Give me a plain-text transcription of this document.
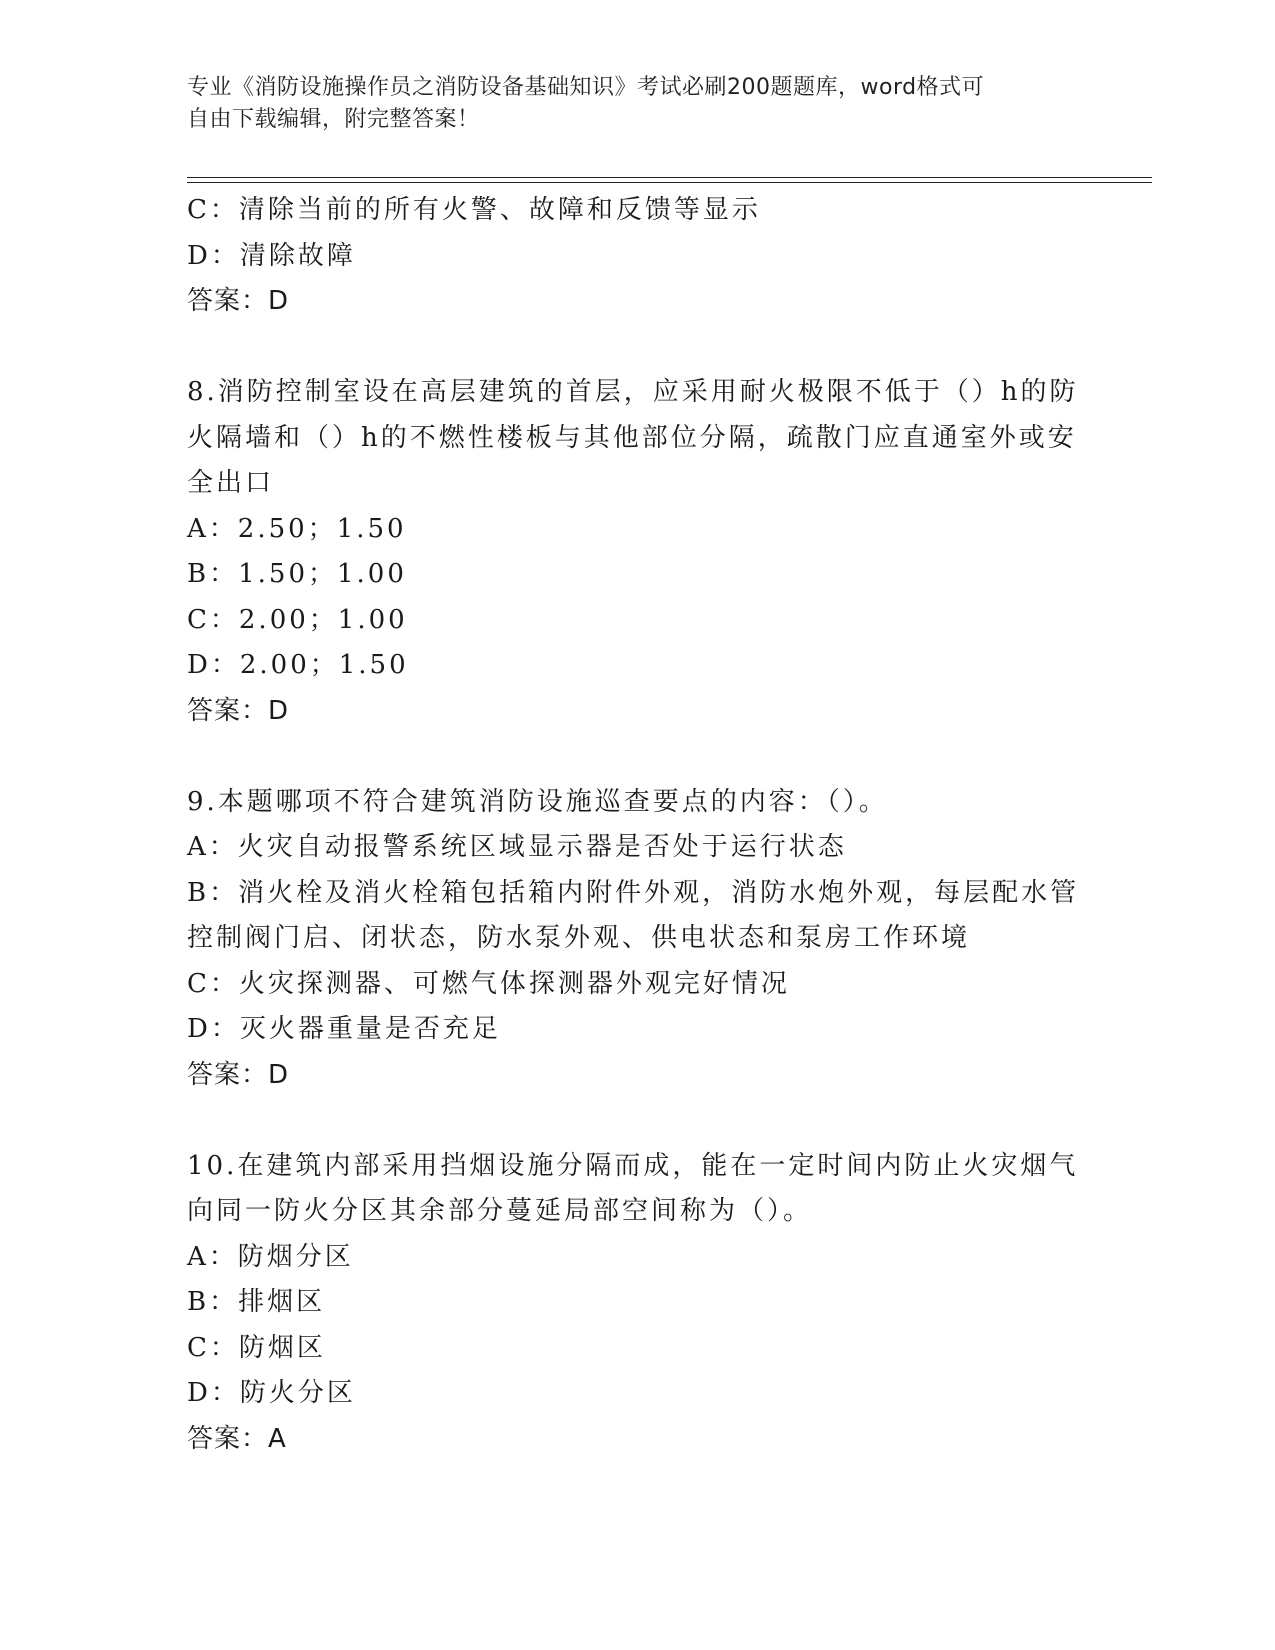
专业《消防设施操作员之消防设备基础知识》考试必刷200题题库，word格式可

自由下载编辑，附完整答案！

C：清除当前的所有火警、故障和反馈等显示
D：清除故障
答案：D
8.消防控制室设在高层建筑的首层，应采用耐火极限不低于（）h的防
火隔墙和（）h的不燃性楼板与其他部位分隔，疏散门应直通室外或安
全出口
A：2.50；1.50
B：1.50；1.00
C：2.00；1.00
D：2.00；1.50
答案：D
9.本题哪项不符合建筑消防设施巡查要点的内容：（）。
A：火灾自动报警系统区域显示器是否处于运行状态
B：消火栓及消火栓箱包括箱内附件外观，消防水炮外观，每层配水管
控制阀门启、闭状态，防水泵外观、供电状态和泵房工作环境
C：火灾探测器、可燃气体探测器外观完好情况
D：灭火器重量是否充足
答案：D
10.在建筑内部采用挡烟设施分隔而成，能在一定时间内防止火灾烟气
向同一防火分区其余部分蔓延局部空间称为（）。
A：防烟分区
B：排烟区
C：防烟区
D：防火分区
答案：A
